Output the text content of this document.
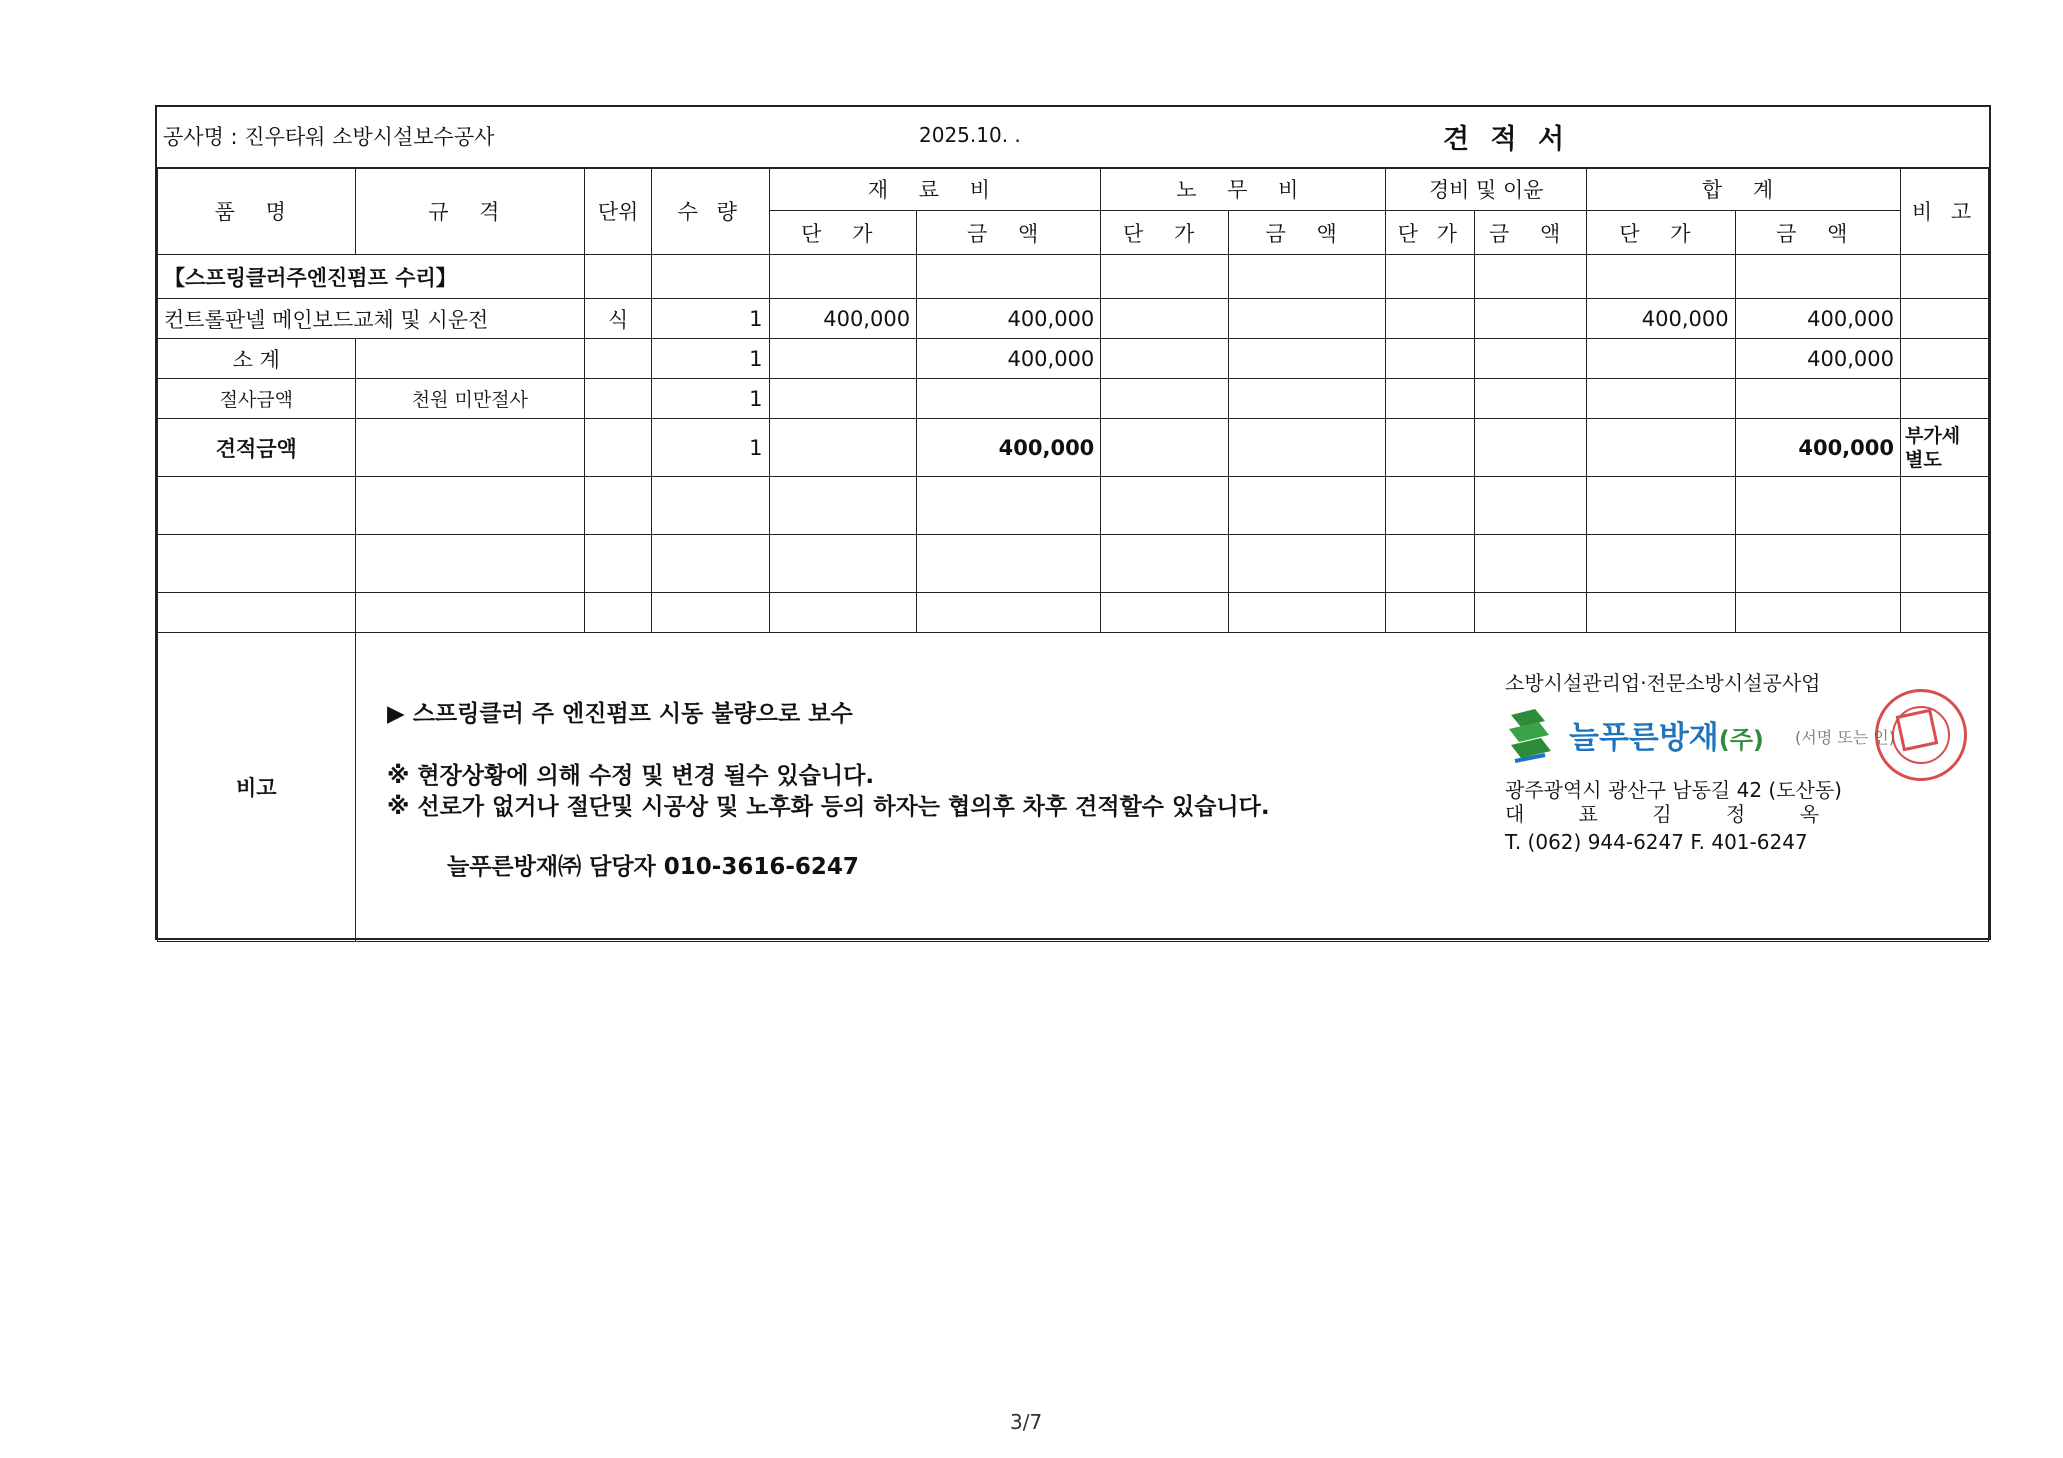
공사명 : 진우타워 소방시설보수공사	2025.10. .	견 적 서
품 명	규 격	단위	수 량	재 료 비		노 무 비		경비 및 이윤		합 계		비 고
				단 가	금 액	단 가	금 액	단 가	금 액	단 가	금 액	
【스프링클러주엔진펌프 수리】												
컨트롤판넬 메인보드교체 및 시운전		식	1	400,000	400,000					400,000	400,000	
소 계			1		400,000						400,000	
절사금액	천원 미만절사		1									
견적금액			1		400,000						400,000	부가세
별도

비고												
▶ 스프링클러 주 엔진펌프 시동 불량으로 보수
※ 현장상황에 의해 수정 및 변경 될수 있습니다.
※ 선로가 없거나 절단및 시공상 및 노후화 등의 하자는 협의후 차후 견적할수 있습니다.
늘푸른방재㈜ 담당자 010-3616-6247
소방시설관리업·전문소방시설공사업
늘푸른방재(주) (서명 또는 인)
광주광역시 광산구 남동길 42 (도산동)
대 표 김 정 옥
T. (062) 944-6247 F. 401-6247
3/7
